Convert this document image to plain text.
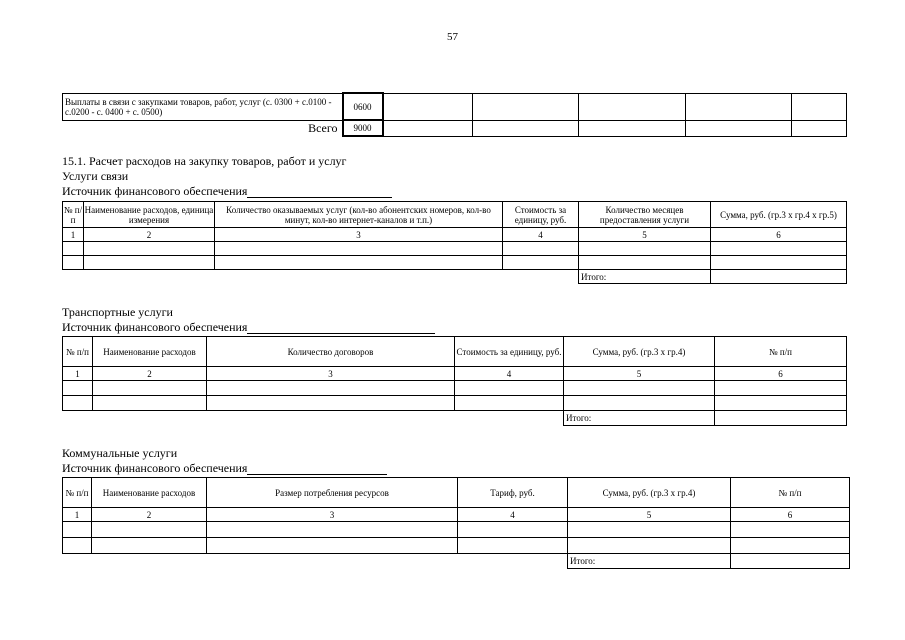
57
Выплаты в связи с закупками товаров, работ, услуг (с. 0300 + с.0100 - с.0200 - с. 0400 + с. 0500)	0600					
Всего	9000					
15.1. Расчет расходов на закупку товаров, работ и услуг
Услуги связи
Источник финансового обеспечения
№ п/п	Наименование расходов, единица измерения	Количество оказываемых услуг (кол-во абонентских номеров, кол-во минут, кол-во интернет-каналов и т.п.)	Стоимость за единицу, руб.	Количество месяцев предоставления услуги	Сумма, руб. (гр.3 х гр.4 х гр.5)
1	2	3	4	5	6

				Итого:	
Транспортные услуги
Источник финансового обеспечения
№ п/п	Наименование расходов	Количество договоров	Стоимость за единицу, руб.	Сумма, руб. (гр.3 х гр.4)	№ п/п
1	2	3	4	5	6

				Итого:	
Коммунальные услуги
Источник финансового обеспечения
№ п/п	Наименование расходов	Размер потребления ресурсов	Тариф, руб.	Сумма, руб. (гр.3 х гр.4)	№ п/п
1	2	3	4	5	6

				Итого:	
